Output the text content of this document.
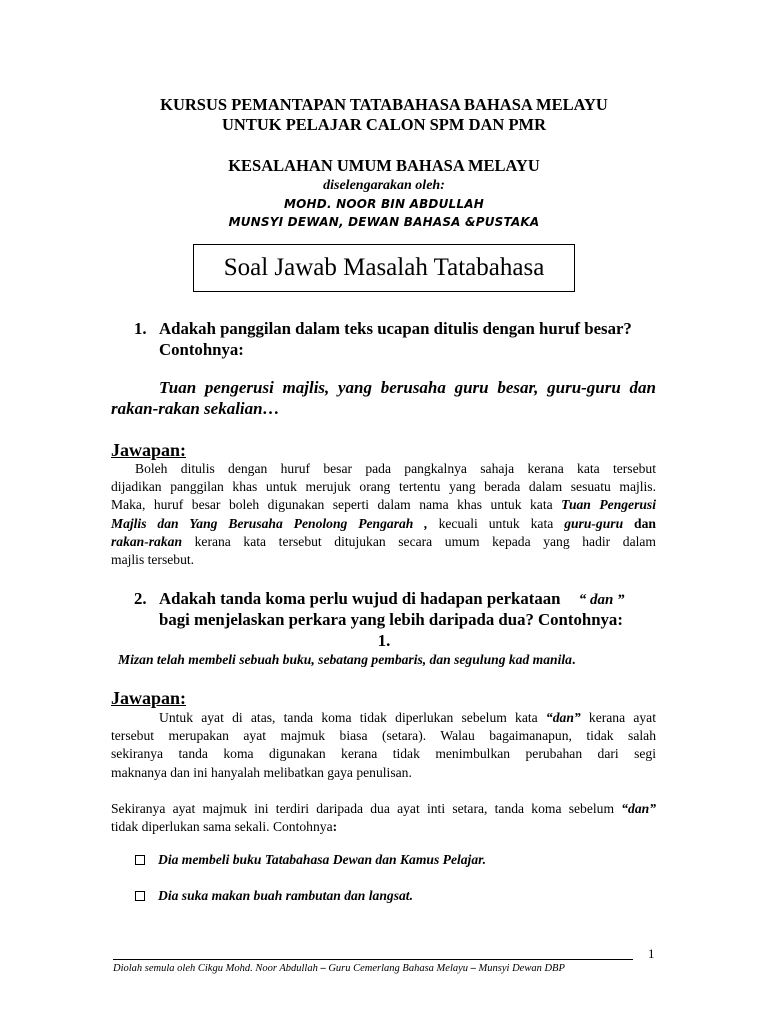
KURSUS PEMANTAPAN TATABAHASA BAHASA MELAYU
UNTUK PELAJAR CALON SPM DAN PMR
KESALAHAN UMUM BAHASA MELAYU
diselengarakan oleh:
MOHD. NOOR BIN ABDULLAH
MUNSYI DEWAN, DEWAN BAHASA &PUSTAKA
Soal Jawab Masalah Tatabahasa
1. Adakah panggilan dalam teks ucapan ditulis dengan huruf besar?
Contohnya:
Tuan pengerusi majlis, yang berusaha guru besar, guru-guru dan
rakan-rakan sekalian…
Jawapan:
Boleh ditulis dengan huruf besar pada pangkalnya sahaja kerana kata tersebut
dijadikan panggilan khas untuk merujuk orang tertentu yang berada dalam sesuatu majlis.
Maka, huruf besar boleh digunakan seperti dalam nama khas untuk kata Tuan Pengerusi
Majlis dan Yang Berusaha Penolong Pengarah , kecuali untuk kata guru-guru dan
rakan-rakan kerana kata tersebut ditujukan secara umum kepada yang hadir dalam
majlis tersebut.
2. Adakah tanda koma perlu wujud di hadapan perkataan “ dan ”
bagi menjelaskan perkara yang lebih daripada dua? Contohnya:
1.
Mizan telah membeli sebuah buku, sebatang pembaris, dan segulung kad manila.
Jawapan:
Untuk ayat di atas, tanda koma tidak diperlukan sebelum kata “dan” kerana ayat
tersebut merupakan ayat majmuk biasa (setara). Walau bagaimanapun, tidak salah
sekiranya tanda koma digunakan kerana tidak menimbulkan perubahan dari segi
maknanya dan ini hanyalah melibatkan gaya penulisan.
Sekiranya ayat majmuk ini terdiri daripada dua ayat inti setara, tanda koma sebelum “dan”
tidak diperlukan sama sekali. Contohnya:
Dia membeli buku Tatabahasa Dewan dan Kamus Pelajar.
Dia suka makan buah rambutan dan langsat.
1
Diolah semula oleh Cikgu Mohd. Noor Abdullah – Guru Cemerlang Bahasa Melayu – Munsyi Dewan DBP
